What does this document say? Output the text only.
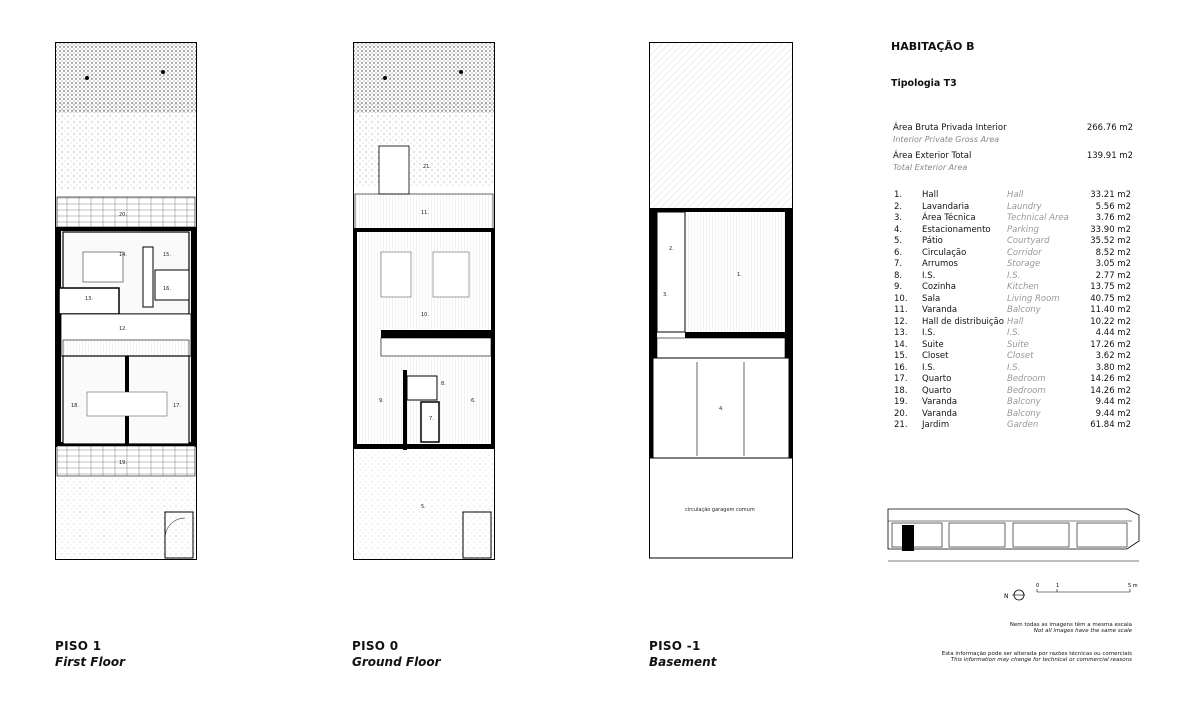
20.
14.	15.
16.
13.
12.
18.	17.
19.
PISO 1
First Floor
21.
11.
10.
9.
8.
7.
6.
5.
PISO 0
Ground Floor
1.
2.
3.
4.
circulação garagem comum
PISO -1
Basement
HABITAÇÃO B
Tipologia T3
Área Bruta Privada Interior	266.76 m2
Interior Private Gross Area
Área Exterior Total	139.91 m2
Total Exterior Area
1.	Hall	Hall	33.21 m2
2.	Lavandaria	Laundry	5.56 m2
3.	Área Técnica	Technical Area	3.76 m2
4.	Estacionamento	Parking	33.90 m2
5.	Pátio	Courtyard	35.52 m2
6.	Circulação	Corridor	8.52 m2
7.	Arrumos	Storage	3.05 m2
8.	I.S.	I.S.	2.77 m2
9.	Cozinha	Kitchen	13.75 m2
10.	Sala	Living Room	40.75 m2
11.	Varanda	Balcony	11.40 m2
12.	Hall de distribuição	Hall	10.22 m2
13.	I.S.	I.S.	4.44 m2
14.	Suite	Suite	17.26 m2
15.	Closet	Closet	3.62 m2
16.	I.S.	I.S.	3.80 m2
17.	Quarto	Bedroom	14.26 m2
18.	Quarto	Bedroom	14.26 m2
19.	Varanda	Balcony	9.44 m2
20.	Varanda	Balcony	9.44 m2
21.	Jardim	Garden	61.84 m2
N
0	1	5 m
Nem todas as imagens têm a mesma escala
Not all images have the same scale
Esta informação pode ser alterada por razões técnicas ou comerciais
This information may change for technical or commercial reasons
